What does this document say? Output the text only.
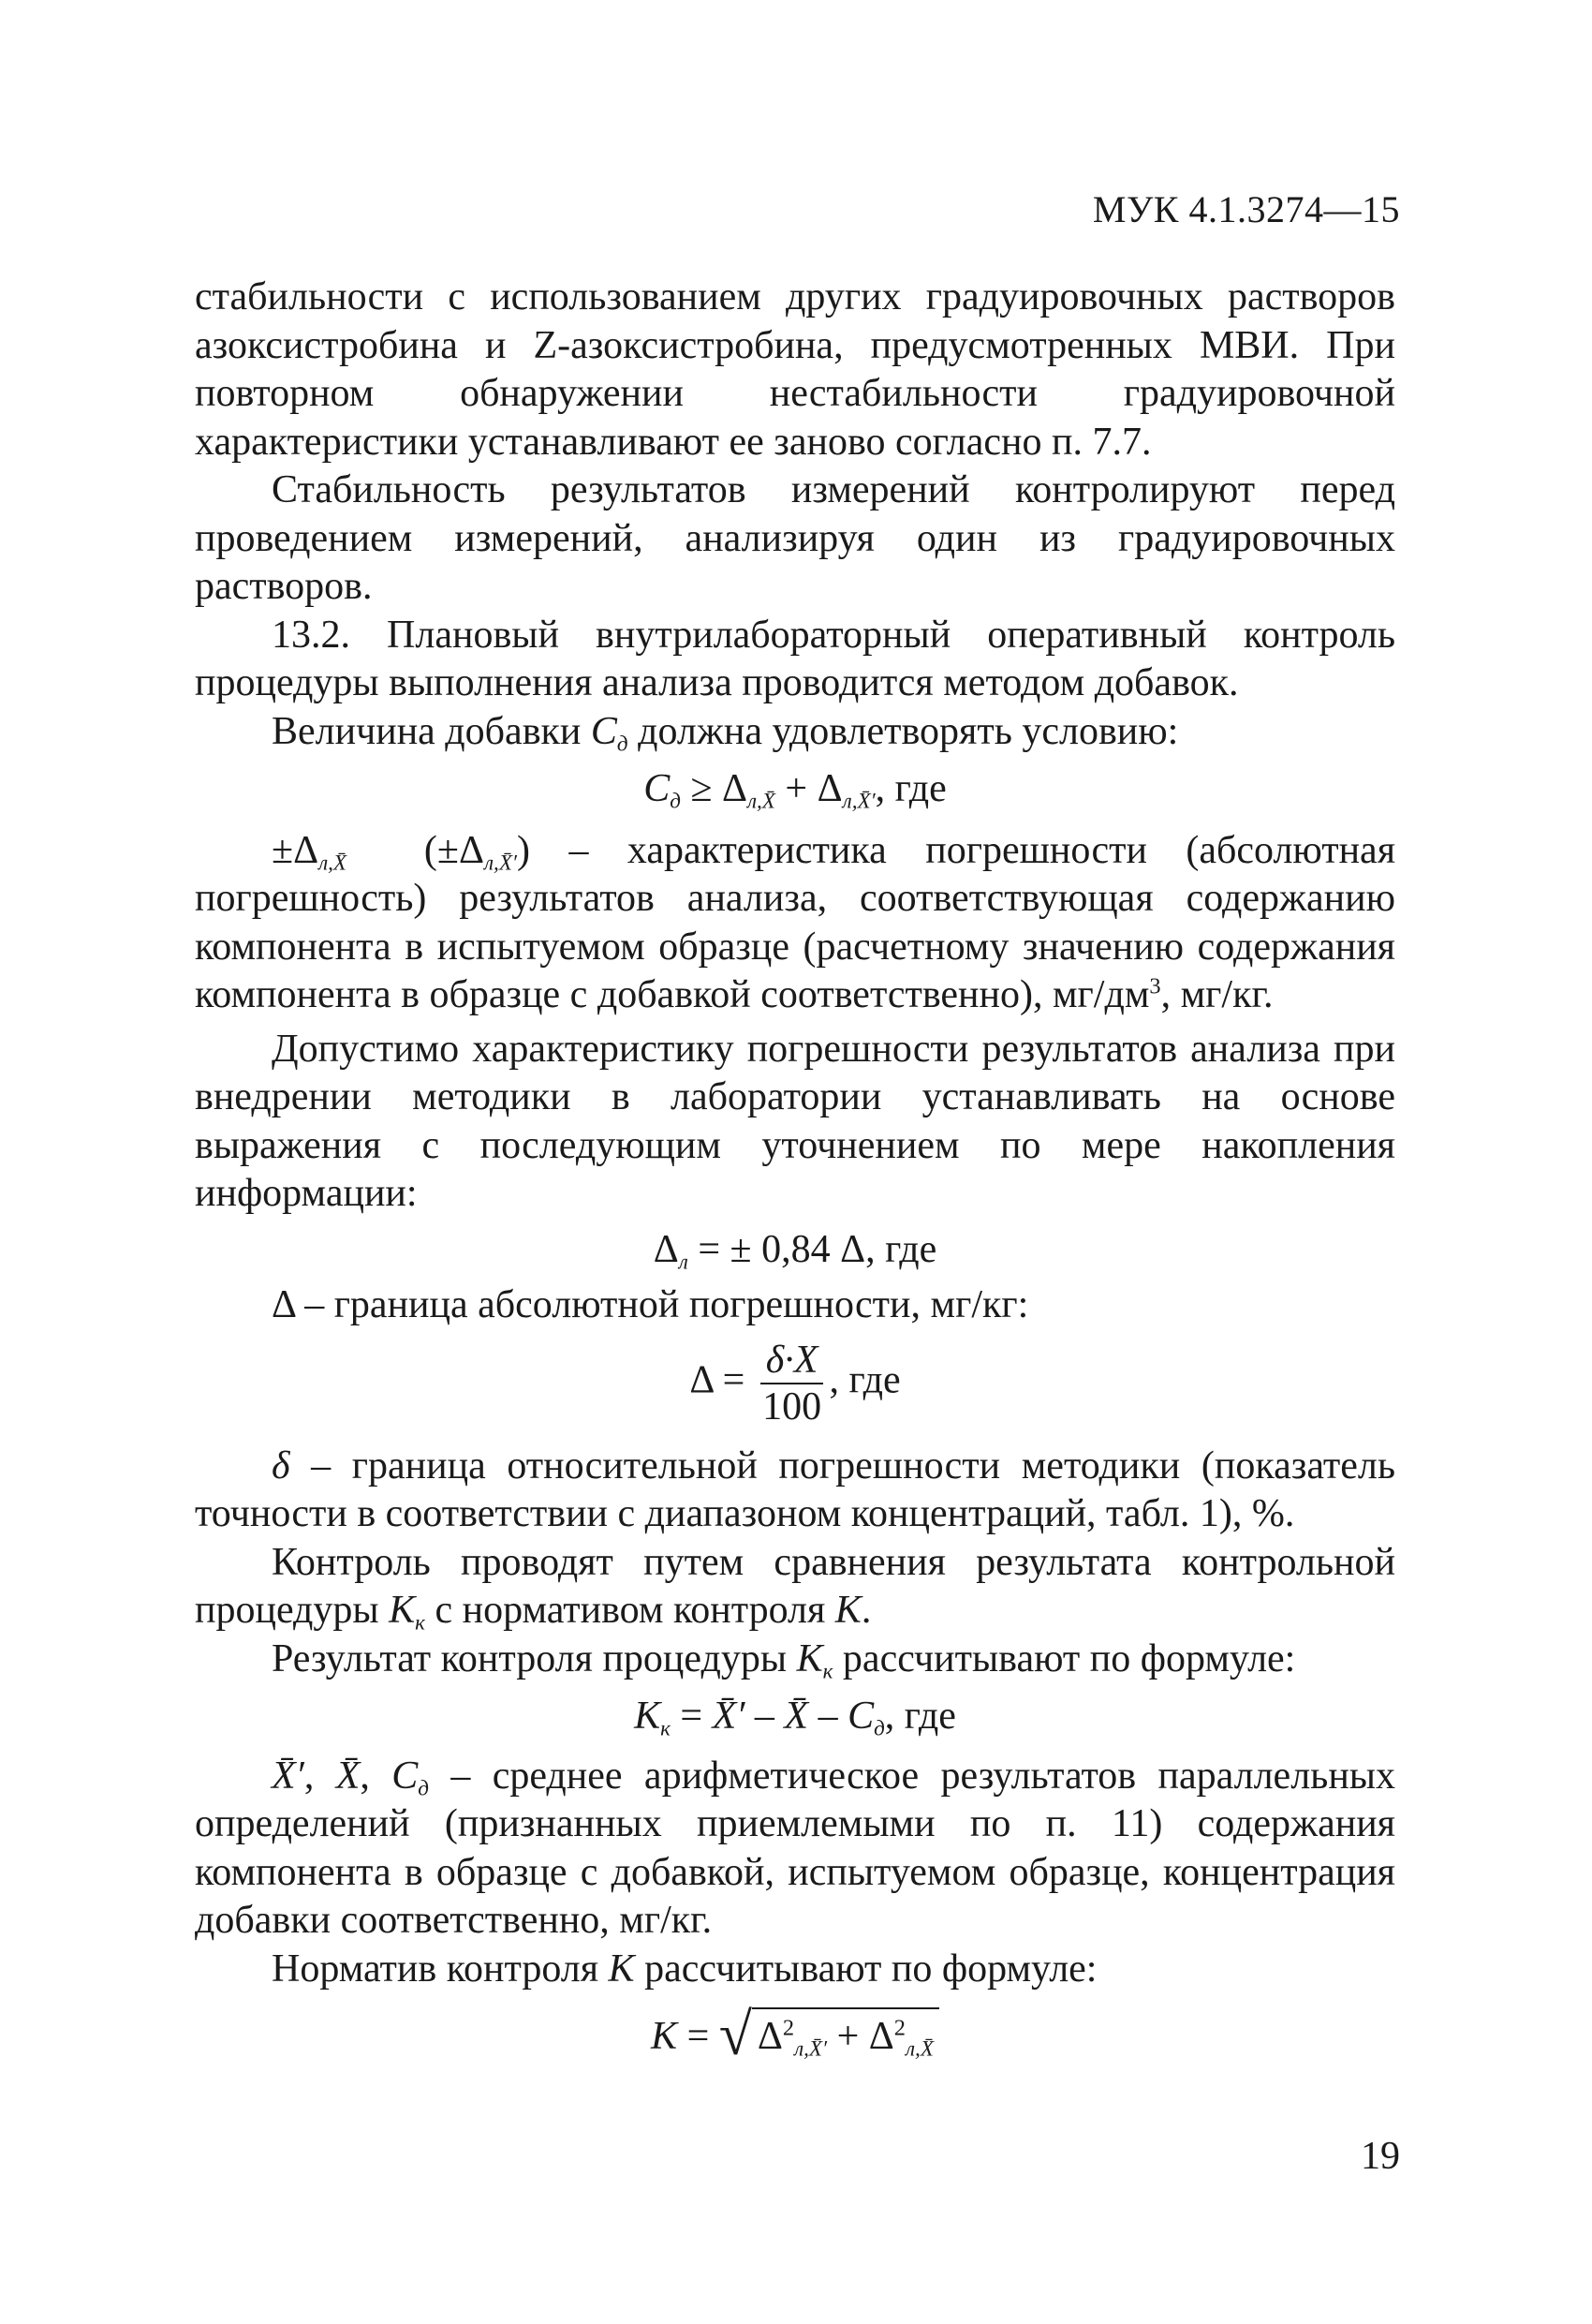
МУК 4.1.3274—15

стабильности с использованием других градуировочных растворов азоксистробина и Z-азоксистробина, предусмотренных МВИ. При повторном обнаружении нестабильности градуировочной характеристики устанавливают ее заново согласно п. 7.7.

Стабильность результатов измерений контролируют перед проведением измерений, анализируя один из градуировочных растворов.

13.2. Плановый внутрилабораторный оперативный контроль процедуры выполнения анализа проводится методом добавок.

Величина добавки $C_д$ должна удовлетворять условию:

$C_д \ge \Delta_{л,X̄} + \Delta_{л,X̄'}$, где

$\pm\Delta_{л,X̄}$ $(\pm\Delta_{л,X̄'})$ – характеристика погрешности (абсолютная погрешность) результатов анализа, соответствующая содержанию компонента в испытуемом образце (расчетному значению содержания компонента в образце с добавкой соответственно), $мг/дм^3$, мг/кг.

Допустимо характеристику погрешности результатов анализа при внедрении методики в лаборатории устанавливать на основе выражения с последующим уточнением по мере накопления информации:

$\Delta_л$ = ± 0,84 Δ, где

Δ – граница абсолютной погрешности, мг/кг:

$\Delta = \frac{\delta\cdot X}{100}$ , где

δ – граница относительной погрешности методики (показатель точности в соответствии с диапазоном концентраций, табл. 1), %.

Контроль проводят путем сравнения результата контрольной процедуры $K_к$ с нормативом контроля K.

Результат контроля процедуры $K_к$ рассчитывают по формуле:

$K_к$ = X̄′ – X̄ – $C_д$, где

X̄′, X̄, $C_д$ – среднее арифметическое результатов параллельных определений (признанных приемлемыми по п. 11) содержания компонента в образце с добавкой, испытуемом образце, концентрация добавки соответственно, мг/кг.

Норматив контроля K рассчитывают по формуле:

K = √ $\Delta^2_{л,X̄'} + \Delta^2_{л,X̄}$

19
